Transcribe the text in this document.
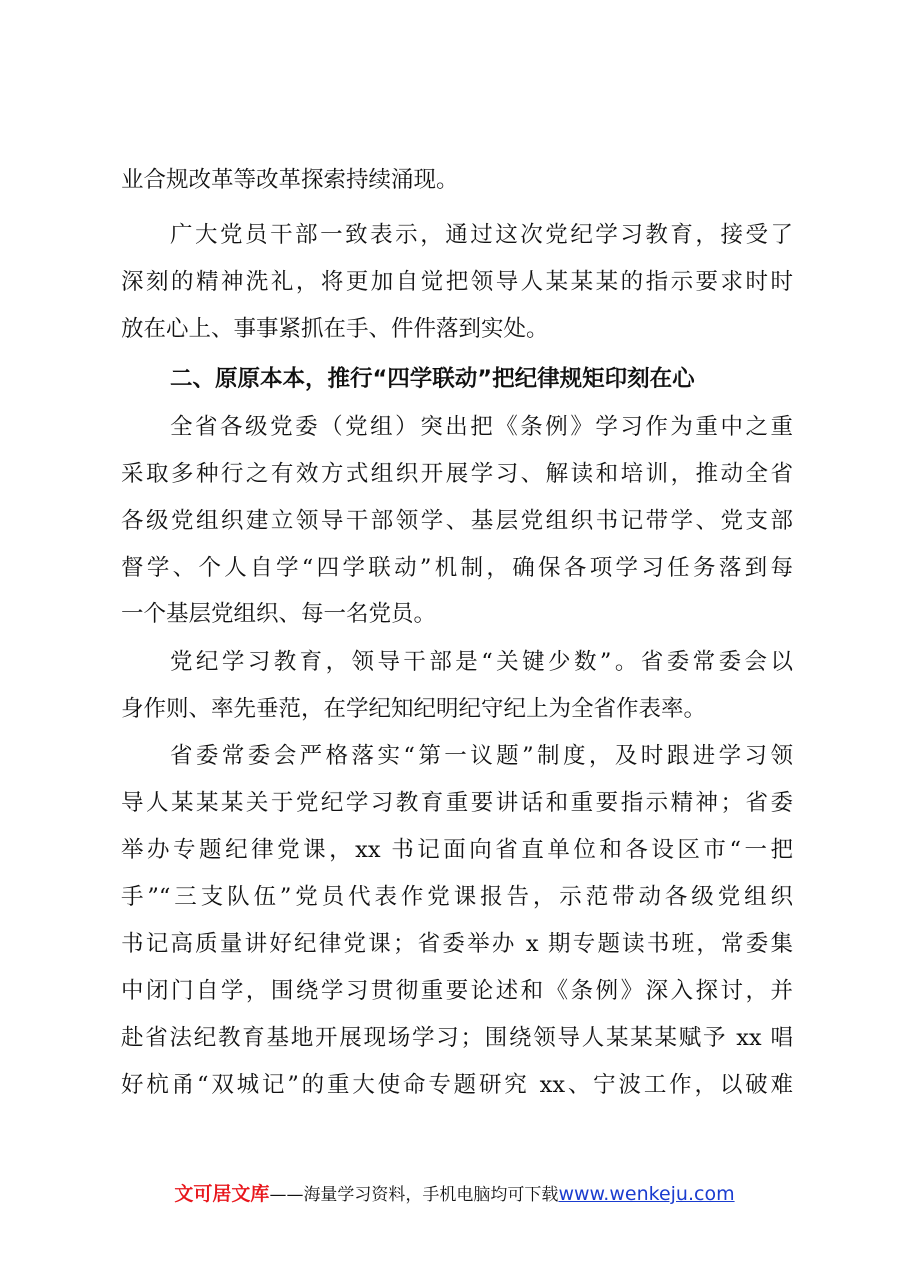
业合规改革等改革探索持续涌现。
广大党员干部一致表示，通过这次党纪学习教育，接受了
深刻的精神洗礼，将更加自觉把领导人某某某的指示要求时时
放在心上、事事紧抓在手、件件落到实处。
二、原原本本，推行“四学联动”把纪律规矩印刻在心
全省各级党委（党组）突出把《条例》学习作为重中之重
采取多种行之有效方式组织开展学习、解读和培训，推动全省
各级党组织建立领导干部领学、基层党组织书记带学、党支部
督学、个人自学“四学联动”机制，确保各项学习任务落到每
一个基层党组织、每一名党员。
党纪学习教育，领导干部是“关键少数”。省委常委会以
身作则、率先垂范，在学纪知纪明纪守纪上为全省作表率。
省委常委会严格落实“第一议题”制度，及时跟进学习领
导人某某某关于党纪学习教育重要讲话和重要指示精神；省委
举办专题纪律党课，xx 书记面向省直单位和各设区市“一把
手”“三支队伍”党员代表作党课报告，示范带动各级党组织
书记高质量讲好纪律党课；省委举办 x 期专题读书班，常委集
中闭门自学，围绕学习贯彻重要论述和《条例》深入探讨，并
赴省法纪教育基地开展现场学习；围绕领导人某某某赋予 xx 唱
好杭甬“双城记”的重大使命专题研究 xx、宁波工作，以破难
文可居文库——海量学习资料，手机电脑均可下载www.wenkeju.com
